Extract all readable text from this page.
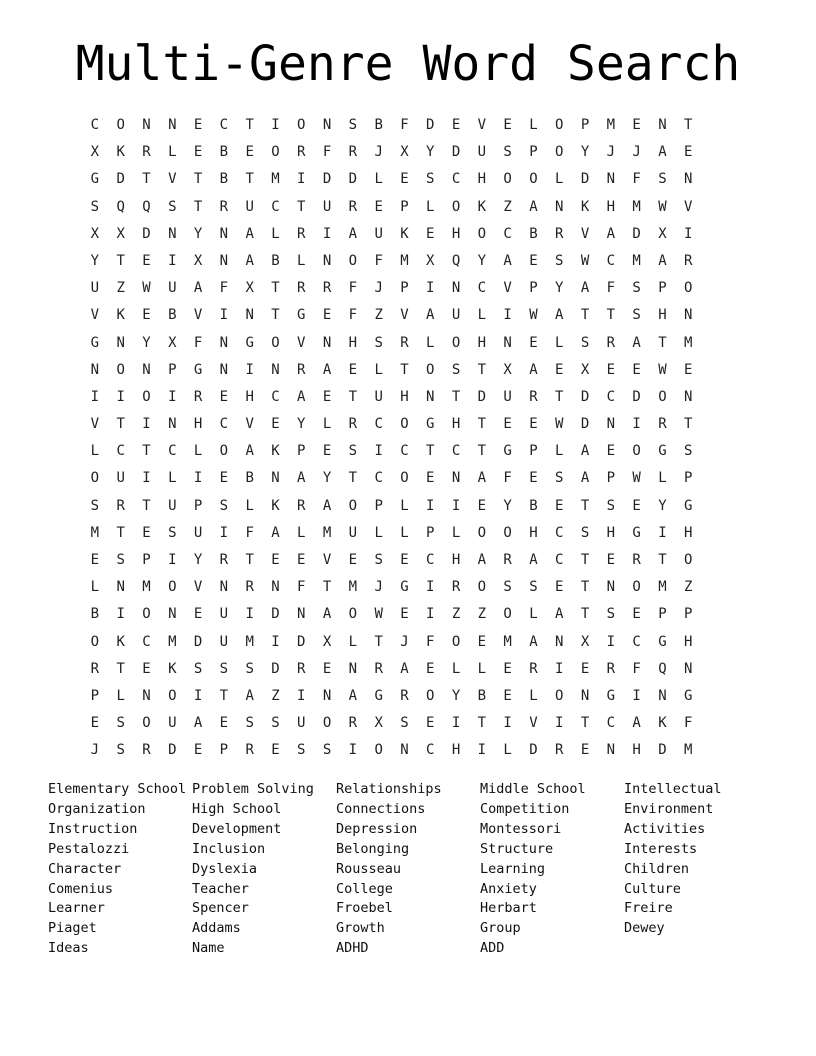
Multi-Genre Word Search
C	O	N	N	E	C	T	I	O	N	S	B	F	D	E	V	E	L	O	P	M	E	N	T
X	K	R	L	E	B	E	O	R	F	R	J	X	Y	D	U	S	P	O	Y	J	J	A	E
G	D	T	V	T	B	T	M	I	D	D	L	E	S	C	H	O	O	L	D	N	F	S	N
S	Q	Q	S	T	R	U	C	T	U	R	E	P	L	O	K	Z	A	N	K	H	M	W	V
X	X	D	N	Y	N	A	L	R	I	A	U	K	E	H	O	C	B	R	V	A	D	X	I
Y	T	E	I	X	N	A	B	L	N	O	F	M	X	Q	Y	A	E	S	W	C	M	A	R
U	Z	W	U	A	F	X	T	R	R	F	J	P	I	N	C	V	P	Y	A	F	S	P	O
V	K	E	B	V	I	N	T	G	E	F	Z	V	A	U	L	I	W	A	T	T	S	H	N
G	N	Y	X	F	N	G	O	V	N	H	S	R	L	O	H	N	E	L	S	R	A	T	M
N	O	N	P	G	N	I	N	R	A	E	L	T	O	S	T	X	A	E	X	E	E	W	E
I	I	O	I	R	E	H	C	A	E	T	U	H	N	T	D	U	R	T	D	C	D	O	N
V	T	I	N	H	C	V	E	Y	L	R	C	O	G	H	T	E	E	W	D	N	I	R	T
L	C	T	C	L	O	A	K	P	E	S	I	C	T	C	T	G	P	L	A	E	O	G	S
O	U	I	L	I	E	B	N	A	Y	T	C	O	E	N	A	F	E	S	A	P	W	L	P
S	R	T	U	P	S	L	K	R	A	O	P	L	I	I	E	Y	B	E	T	S	E	Y	G
M	T	E	S	U	I	F	A	L	M	U	L	L	P	L	O	O	H	C	S	H	G	I	H
E	S	P	I	Y	R	T	E	E	V	E	S	E	C	H	A	R	A	C	T	E	R	T	O
L	N	M	O	V	N	R	N	F	T	M	J	G	I	R	O	S	S	E	T	N	O	M	Z
B	I	O	N	E	U	I	D	N	A	O	W	E	I	Z	Z	O	L	A	T	S	E	P	P
O	K	C	M	D	U	M	I	D	X	L	T	J	F	O	E	M	A	N	X	I	C	G	H
R	T	E	K	S	S	S	D	R	E	N	R	A	E	L	L	E	R	I	E	R	F	Q	N
P	L	N	O	I	T	A	Z	I	N	A	G	R	O	Y	B	E	L	O	N	G	I	N	G
E	S	O	U	A	E	S	S	U	O	R	X	S	E	I	T	I	V	I	T	C	A	K	F
J	S	R	D	E	P	R	E	S	S	I	O	N	C	H	I	L	D	R	E	N	H	D	M
Elementary School
Organization
Instruction
Pestalozzi
Character
Comenius
Learner
Piaget
Ideas
Problem Solving
High School
Development
Inclusion
Dyslexia
Teacher
Spencer
Addams
Name
Relationships
Connections
Depression
Belonging
Rousseau
College
Froebel
Growth
ADHD
Middle School
Competition
Montessori
Structure
Learning
Anxiety
Herbart
Group
ADD
Intellectual
Environment
Activities
Interests
Children
Culture
Freire
Dewey
